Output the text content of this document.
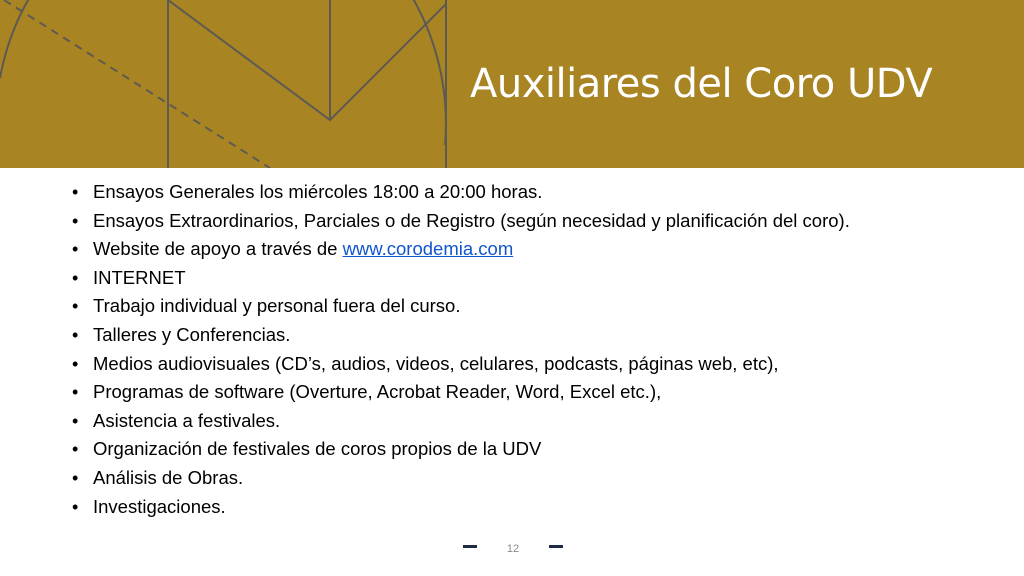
Auxiliares del Coro UDV
• Ensayos Generales los miércoles 18:00 a 20:00 horas.
• Ensayos Extraordinarios, Parciales o de Registro (según necesidad y planificación del coro).
• Website de apoyo a través de www.corodemia.com
• INTERNET
• Trabajo individual y personal fuera del curso.
• Talleres y Conferencias.
• Medios audiovisuales (CD’s, audios, videos, celulares, podcasts, páginas web, etc),
• Programas de software (Overture, Acrobat Reader, Word, Excel etc.),
• Asistencia a festivales.
• Organización de festivales de coros propios de la UDV
• Análisis de Obras.
• Investigaciones.
12
